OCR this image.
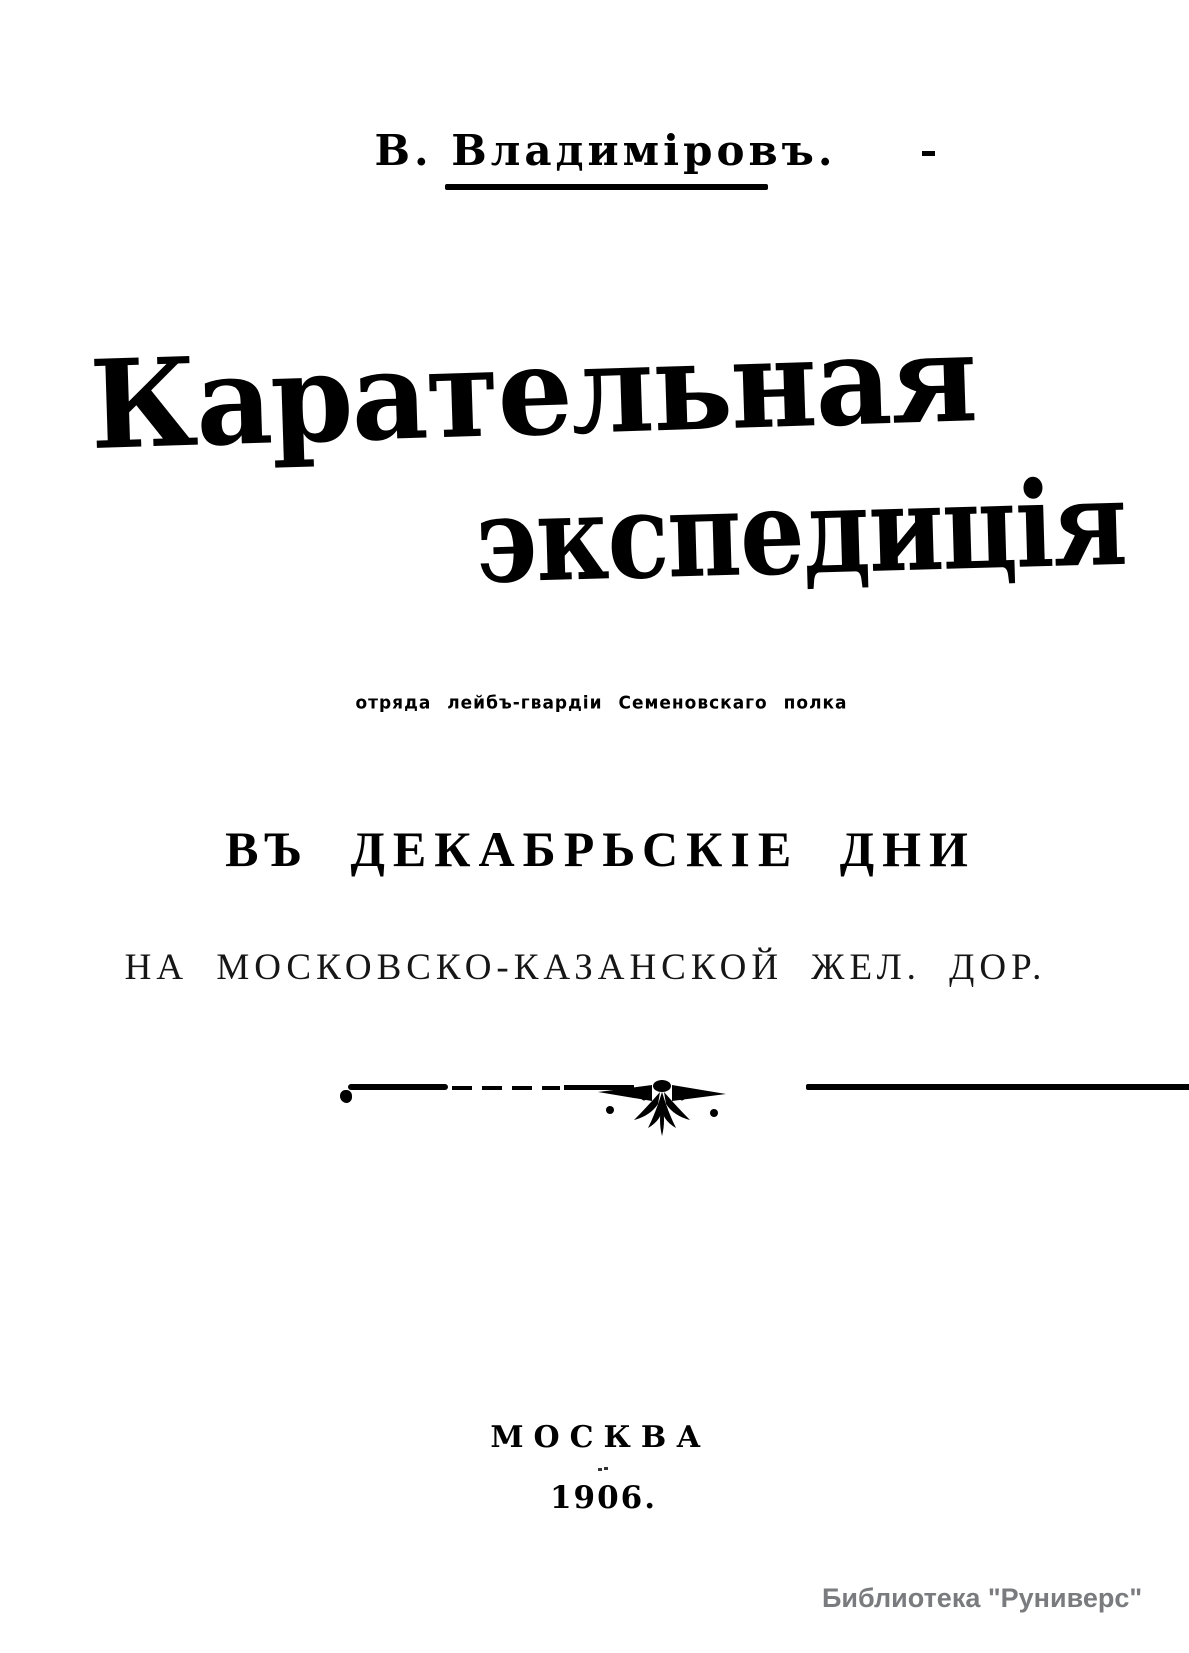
В. Владиміровъ.
Карательная
экспедиція
отряда лейбъ-гвардіи Семеновскаго полка
ВЪ ДЕКАБРЬСКІЕ ДНИ
НА МОСКОВСКО-КАЗАНСКОЙ ЖЕЛ. ДОР.
МОСКВА
1906.
Библиотека "Руниверс"
